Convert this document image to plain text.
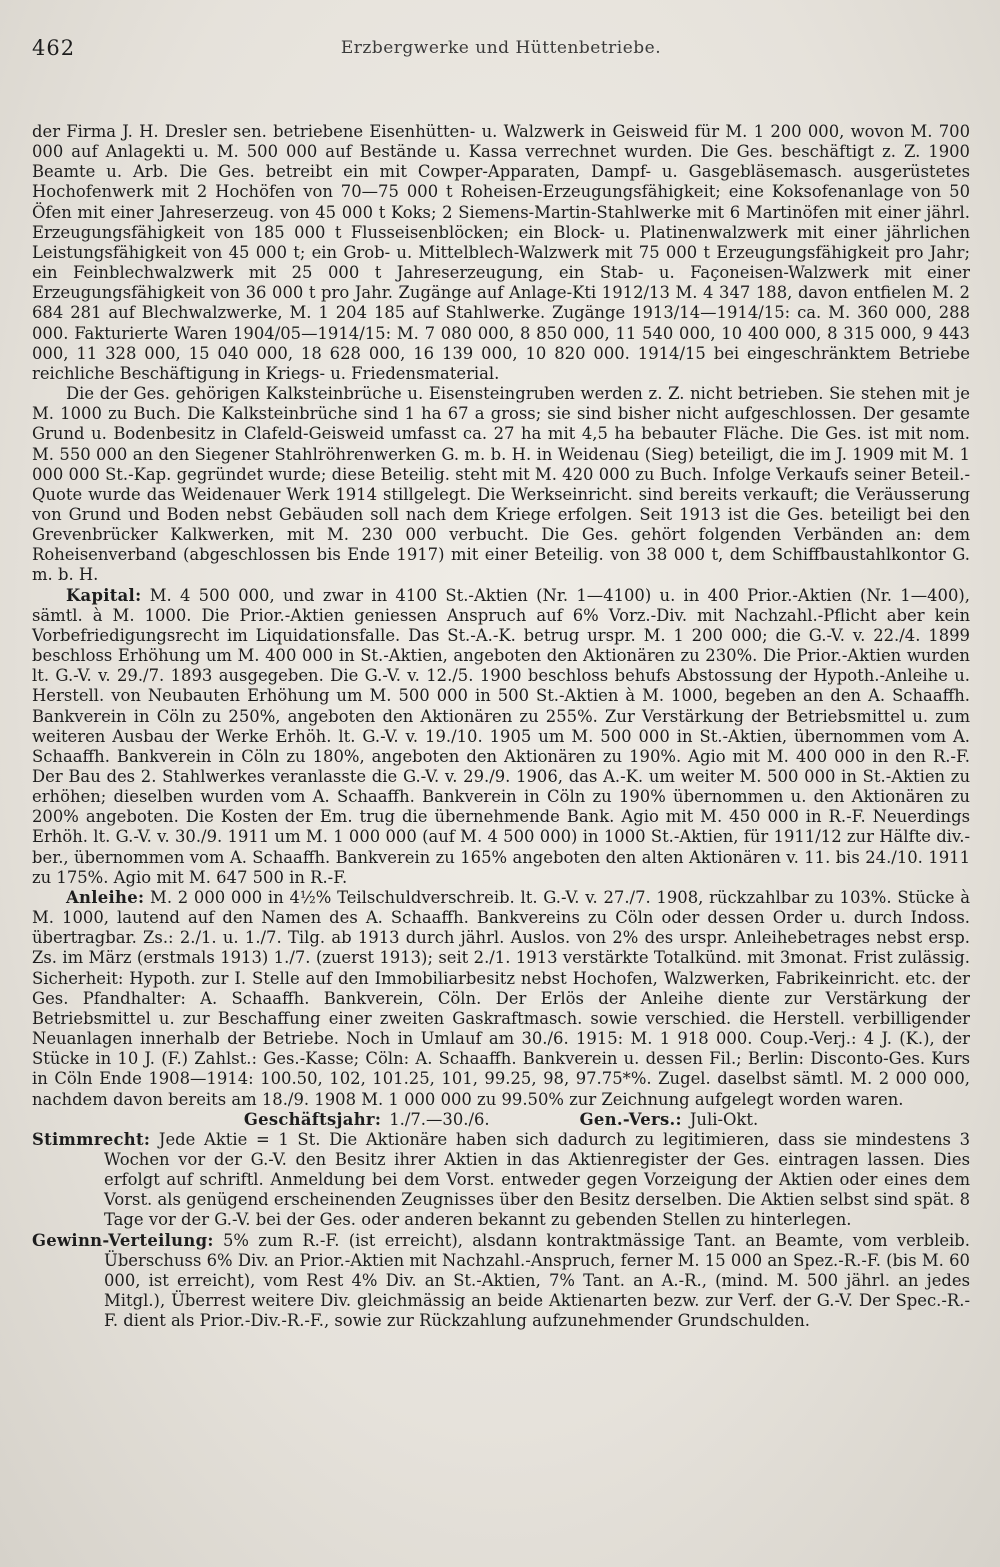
462	Erzbergwerke und Hüttenbetriebe.

der Firma J. H. Dresler sen. betriebene Eisenhütten- u. Walzwerk in Geisweid für M. 1 200 000, wovon M. 700 000 auf Anlagekti u. M. 500 000 auf Bestände u. Kassa verrechnet wurden. Die Ges. beschäftigt z. Z. 1900 Beamte u. Arb. Die Ges. betreibt ein mit Cowper-Apparaten, Dampf- u. Gasgebläsemasch. ausgerüstetes Hochofenwerk mit 2 Hochöfen von 70—75 000 t Roheisen-Erzeugungsfähigkeit; eine Koksofenanlage von 50 Öfen mit einer Jahreserzeug. von 45 000 t Koks; 2 Siemens-Martin-Stahlwerke mit 6 Martinöfen mit einer jährl. Erzeugungsfähigkeit von 185 000 t Flusseisenblöcken; ein Block- u. Platinenwalzwerk mit einer jährlichen Leistungsfähigkeit von 45 000 t; ein Grob- u. Mittelblech-Walzwerk mit 75 000 t Erzeugungsfähigkeit pro Jahr; ein Feinblechwalzwerk mit 25 000 t Jahreserzeugung, ein Stab- u. Façoneisen-Walzwerk mit einer Erzeugungsfähigkeit von 36 000 t pro Jahr. Zugänge auf Anlage-Kti 1912/13 M. 4 347 188, davon entfielen M. 2 684 281 auf Blechwalzwerke, M. 1 204 185 auf Stahlwerke. Zugänge 1913/14—1914/15: ca. M. 360 000, 288 000. Fakturierte Waren 1904/05—1914/15: M. 7 080 000, 8 850 000, 11 540 000, 10 400 000, 8 315 000, 9 443 000, 11 328 000, 15 040 000, 18 628 000, 16 139 000, 10 820 000. 1914/15 bei eingeschränktem Betriebe reichliche Beschäftigung in Kriegs- u. Friedensmaterial.

Die der Ges. gehörigen Kalksteinbrüche u. Eisensteingruben werden z. Z. nicht betrieben. Sie stehen mit je M. 1000 zu Buch. Die Kalksteinbrüche sind 1 ha 67 a gross; sie sind bisher nicht aufgeschlossen. Der gesamte Grund u. Bodenbesitz in Clafeld-Geisweid umfasst ca. 27 ha mit 4,5 ha bebauter Fläche. Die Ges. ist mit nom. M. 550 000 an den Siegener Stahlröhrenwerken G. m. b. H. in Weidenau (Sieg) beteiligt, die im J. 1909 mit M. 1 000 000 St.-Kap. gegründet wurde; diese Beteilig. steht mit M. 420 000 zu Buch. Infolge Verkaufs seiner Beteil.-Quote wurde das Weidenauer Werk 1914 stillgelegt. Die Werkseinricht. sind bereits verkauft; die Veräusserung von Grund und Boden nebst Gebäuden soll nach dem Kriege erfolgen. Seit 1913 ist die Ges. beteiligt bei den Grevenbrücker Kalkwerken, mit M. 230 000 verbucht. Die Ges. gehört folgenden Verbänden an: dem Roheisenverband (abgeschlossen bis Ende 1917) mit einer Beteilig. von 38 000 t, dem Schiffbaustahlkontor G. m. b. H.

Kapital: M. 4 500 000, und zwar in 4100 St.-Aktien (Nr. 1—4100) u. in 400 Prior.-Aktien (Nr. 1—400), sämtl. à M. 1000. Die Prior.-Aktien geniessen Anspruch auf 6% Vorz.-Div. mit Nachzahl.-Pflicht aber kein Vorbefriedigungsrecht im Liquidationsfalle. Das St.-A.-K. betrug urspr. M. 1 200 000; die G.-V. v. 22./4. 1899 beschloss Erhöhung um M. 400 000 in St.-Aktien, angeboten den Aktionären zu 230%. Die Prior.-Aktien wurden lt. G.-V. v. 29./7. 1893 ausgegeben. Die G.-V. v. 12./5. 1900 beschloss behufs Abstossung der Hypoth.-Anleihe u. Herstell. von Neubauten Erhöhung um M. 500 000 in 500 St.-Aktien à M. 1000, begeben an den A. Schaaffh. Bankverein in Cöln zu 250%, angeboten den Aktionären zu 255%. Zur Verstärkung der Betriebsmittel u. zum weiteren Ausbau der Werke Erhöh. lt. G.-V. v. 19./10. 1905 um M. 500 000 in St.-Aktien, übernommen vom A. Schaaffh. Bankverein in Cöln zu 180%, angeboten den Aktionären zu 190%. Agio mit M. 400 000 in den R.-F. Der Bau des 2. Stahlwerkes veranlasste die G.-V. v. 29./9. 1906, das A.-K. um weiter M. 500 000 in St.-Aktien zu erhöhen; dieselben wurden vom A. Schaaffh. Bankverein in Cöln zu 190% übernommen u. den Aktionären zu 200% angeboten. Die Kosten der Em. trug die übernehmende Bank. Agio mit M. 450 000 in R.-F. Neuerdings Erhöh. lt. G.-V. v. 30./9. 1911 um M. 1 000 000 (auf M. 4 500 000) in 1000 St.-Aktien, für 1911/12 zur Hälfte div.-ber., übernommen vom A. Schaaffh. Bankverein zu 165% angeboten den alten Aktionären v. 11. bis 24./10. 1911 zu 175%. Agio mit M. 647 500 in R.-F.

Anleihe: M. 2 000 000 in 4½% Teilschuldverschreib. lt. G.-V. v. 27./7. 1908, rückzahlbar zu 103%. Stücke à M. 1000, lautend auf den Namen des A. Schaaffh. Bankvereins zu Cöln oder dessen Order u. durch Indoss. übertragbar. Zs.: 2./1. u. 1./7. Tilg. ab 1913 durch jährl. Auslos. von 2% des urspr. Anleihebetrages nebst ersp. Zs. im März (erstmals 1913) 1./7. (zuerst 1913); seit 2./1. 1913 verstärkte Totalkünd. mit 3monat. Frist zulässig. Sicherheit: Hypoth. zur I. Stelle auf den Immobiliarbesitz nebst Hochofen, Walzwerken, Fabrikeinricht. etc. der Ges. Pfandhalter: A. Schaaffh. Bankverein, Cöln. Der Erlös der Anleihe diente zur Verstärkung der Betriebsmittel u. zur Beschaffung einer zweiten Gaskraftmasch. sowie verschied. die Herstell. verbilligender Neuanlagen innerhalb der Betriebe. Noch in Umlauf am 30./6. 1915: M. 1 918 000. Coup.-Verj.: 4 J. (K.), der Stücke in 10 J. (F.) Zahlst.: Ges.-Kasse; Cöln: A. Schaaffh. Bankverein u. dessen Fil.; Berlin: Disconto-Ges. Kurs in Cöln Ende 1908—1914: 100.50, 102, 101.25, 101, 99.25, 98, 97.75*%. Zugel. daselbst sämtl. M. 2 000 000, nachdem davon bereits am 18./9. 1908 M. 1 000 000 zu 99.50% zur Zeichnung aufgelegt worden waren.

Geschäftsjahr: 1./7.—30./6.	Gen.-Vers.: Juli-Okt.

Stimmrecht: Jede Aktie = 1 St. Die Aktionäre haben sich dadurch zu legitimieren, dass sie mindestens 3 Wochen vor der G.-V. den Besitz ihrer Aktien in das Aktienregister der Ges. eintragen lassen. Dies erfolgt auf schriftl. Anmeldung bei dem Vorst. entweder gegen Vorzeigung der Aktien oder eines dem Vorst. als genügend erscheinenden Zeugnisses über den Besitz derselben. Die Aktien selbst sind spät. 8 Tage vor der G.-V. bei der Ges. oder anderen bekannt zu gebenden Stellen zu hinterlegen.

Gewinn-Verteilung: 5% zum R.-F. (ist erreicht), alsdann kontraktmässige Tant. an Beamte, vom verbleib. Überschuss 6% Div. an Prior.-Aktien mit Nachzahl.-Anspruch, ferner M. 15 000 an Spez.-R.-F. (bis M. 60 000, ist erreicht), vom Rest 4% Div. an St.-Aktien, 7% Tant. an A.-R., (mind. M. 500 jährl. an jedes Mitgl.), Überrest weitere Div. gleichmässig an beide Aktienarten bezw. zur Verf. der G.-V. Der Spec.-R.-F. dient als Prior.-Div.-R.-F., sowie zur Rückzahlung aufzunehmender Grundschulden.
